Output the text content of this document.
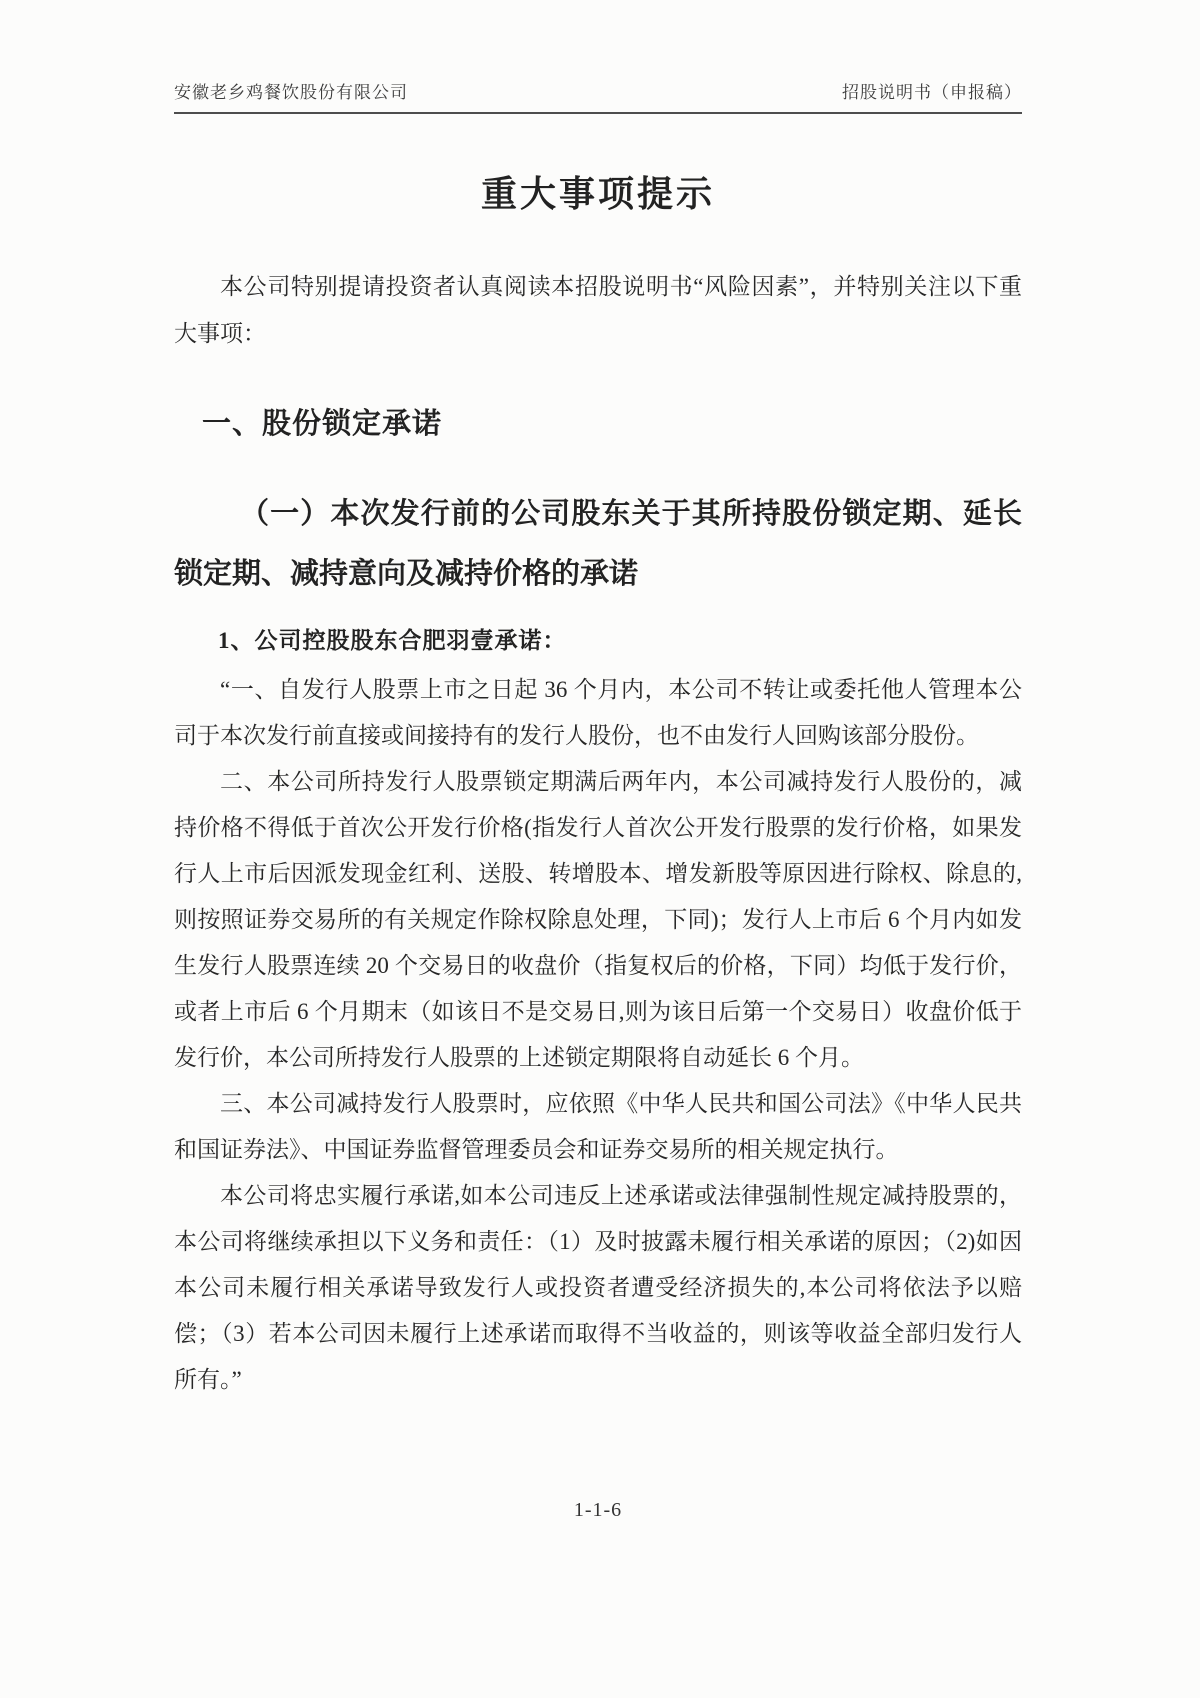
安徽老乡鸡餐饮股份有限公司	招股说明书（申报稿）
重大事项提示

本公司特别提请投资者认真阅读本招股说明书“风险因素”，并特别关注以下重大事项：

一、股份锁定承诺
（一）本次发行前的公司股东关于其所持股份锁定期、延长锁定期、减持意向及减持价格的承诺
1、公司控股股东合肥羽壹承诺：

“一、自发行人股票上市之日起 36 个月内，本公司不转让或委托他人管理本公司于本次发行前直接或间接持有的发行人股份，也不由发行人回购该部分股份。

二、本公司所持发行人股票锁定期满后两年内，本公司减持发行人股份的，减持价格不得低于首次公开发行价格(指发行人首次公开发行股票的发行价格，如果发行人上市后因派发现金红利、送股、转增股本、增发新股等原因进行除权、除息的,则按照证券交易所的有关规定作除权除息处理，下同)；发行人上市后 6 个月内如发生发行人股票连续 20 个交易日的收盘价（指复权后的价格，下同）均低于发行价，或者上市后 6 个月期末（如该日不是交易日,则为该日后第一个交易日）收盘价低于发行价，本公司所持发行人股票的上述锁定期限将自动延长 6 个月。

三、本公司减持发行人股票时，应依照《中华人民共和国公司法》《中华人民共和国证券法》、中国证券监督管理委员会和证券交易所的相关规定执行。

本公司将忠实履行承诺,如本公司违反上述承诺或法律强制性规定减持股票的，本公司将继续承担以下义务和责任：（1）及时披露未履行相关承诺的原因；（2)如因本公司未履行相关承诺导致发行人或投资者遭受经济损失的,本公司将依法予以赔偿；（3）若本公司因未履行上述承诺而取得不当收益的，则该等收益全部归发行人所有。”

1-1-6
